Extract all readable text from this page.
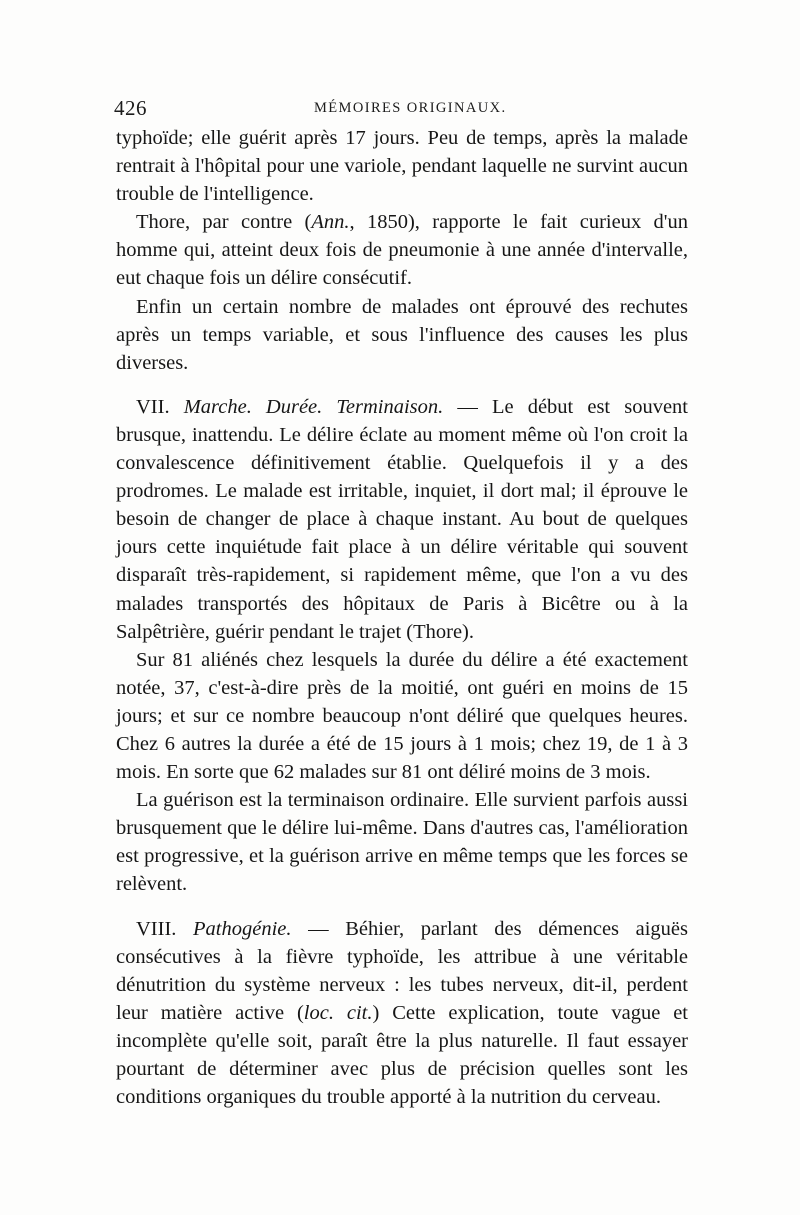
426	MÉMOIRES ORIGINAUX.

typhoïde; elle guérit après 17 jours. Peu de temps, après la malade rentrait à l'hôpital pour une variole, pendant laquelle ne survint aucun trouble de l'intelligence.

Thore, par contre (Ann., 1850), rapporte le fait curieux d'un homme qui, atteint deux fois de pneumonie à une année d'intervalle, eut chaque fois un délire consécutif.

Enfin un certain nombre de malades ont éprouvé des rechutes après un temps variable, et sous l'influence des causes les plus diverses.

VII. Marche. Durée. Terminaison. — Le début est souvent brusque, inattendu. Le délire éclate au moment même où l'on croit la convalescence définitivement établie. Quelquefois il y a des prodromes. Le malade est irritable, inquiet, il dort mal; il éprouve le besoin de changer de place à chaque instant. Au bout de quelques jours cette inquiétude fait place à un délire véritable qui souvent disparaît très-rapidement, si rapidement même, que l'on a vu des malades transportés des hôpitaux de Paris à Bicêtre ou à la Salpêtrière, guérir pendant le trajet (Thore).

Sur 81 aliénés chez lesquels la durée du délire a été exactement notée, 37, c'est-à-dire près de la moitié, ont guéri en moins de 15 jours; et sur ce nombre beaucoup n'ont déliré que quelques heures. Chez 6 autres la durée a été de 15 jours à 1 mois; chez 19, de 1 à 3 mois. En sorte que 62 malades sur 81 ont déliré moins de 3 mois.

La guérison est la terminaison ordinaire. Elle survient parfois aussi brusquement que le délire lui-même. Dans d'autres cas, l'amélioration est progressive, et la guérison arrive en même temps que les forces se relèvent.

VIII. Pathogénie. — Béhier, parlant des démences aiguës consécutives à la fièvre typhoïde, les attribue à une véritable dénutrition du système nerveux : les tubes nerveux, dit-il, perdent leur matière active (loc. cit.) Cette explication, toute vague et incomplète qu'elle soit, paraît être la plus naturelle. Il faut essayer pourtant de déterminer avec plus de précision quelles sont les conditions organiques du trouble apporté à la nutrition du cerveau.
